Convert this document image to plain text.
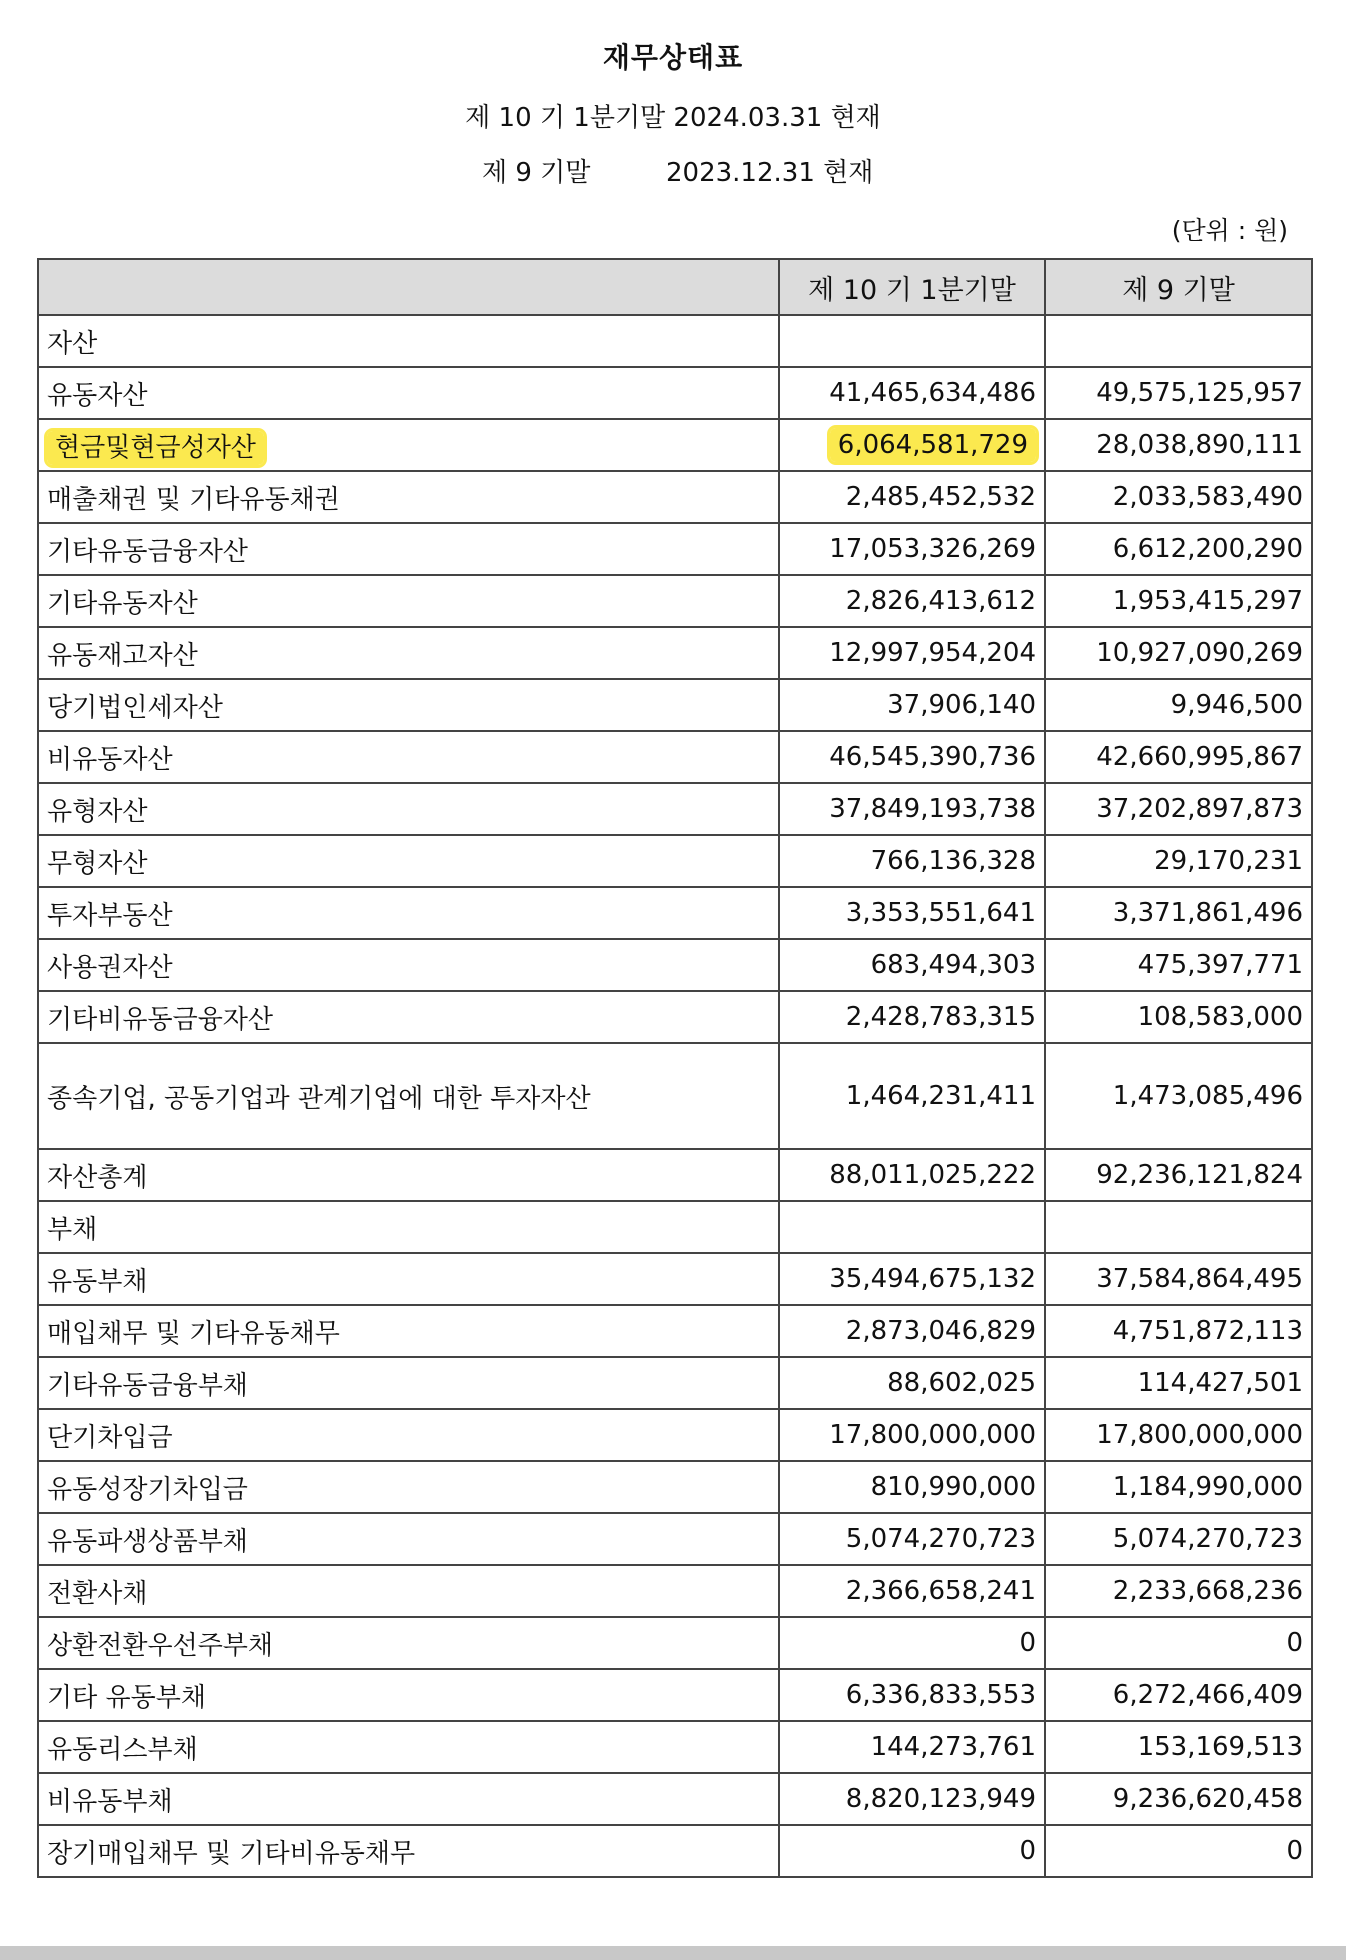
재무상태표
제 10 기 1분기말 2024.03.31 현재
제 9 기말	2023.12.31 현재
(단위 : 원)
	제 10 기 1분기말	제 9 기말
자산		
유동자산	41,465,634,486	49,575,125,957
현금및현금성자산	6,064,581,729	28,038,890,111
매출채권 및 기타유동채권	2,485,452,532	2,033,583,490
기타유동금융자산	17,053,326,269	6,612,200,290
기타유동자산	2,826,413,612	1,953,415,297
유동재고자산	12,997,954,204	10,927,090,269
당기법인세자산	37,906,140	9,946,500
비유동자산	46,545,390,736	42,660,995,867
유형자산	37,849,193,738	37,202,897,873
무형자산	766,136,328	29,170,231
투자부동산	3,353,551,641	3,371,861,496
사용권자산	683,494,303	475,397,771
기타비유동금융자산	2,428,783,315	108,583,000
종속기업, 공동기업과 관계기업에 대한 투자자산	1,464,231,411	1,473,085,496
자산총계	88,011,025,222	92,236,121,824
부채		
유동부채	35,494,675,132	37,584,864,495
매입채무 및 기타유동채무	2,873,046,829	4,751,872,113
기타유동금융부채	88,602,025	114,427,501
단기차입금	17,800,000,000	17,800,000,000
유동성장기차입금	810,990,000	1,184,990,000
유동파생상품부채	5,074,270,723	5,074,270,723
전환사채	2,366,658,241	2,233,668,236
상환전환우선주부채	0	0
기타 유동부채	6,336,833,553	6,272,466,409
유동리스부채	144,273,761	153,169,513
비유동부채	8,820,123,949	9,236,620,458
장기매입채무 및 기타비유동채무	0	0
